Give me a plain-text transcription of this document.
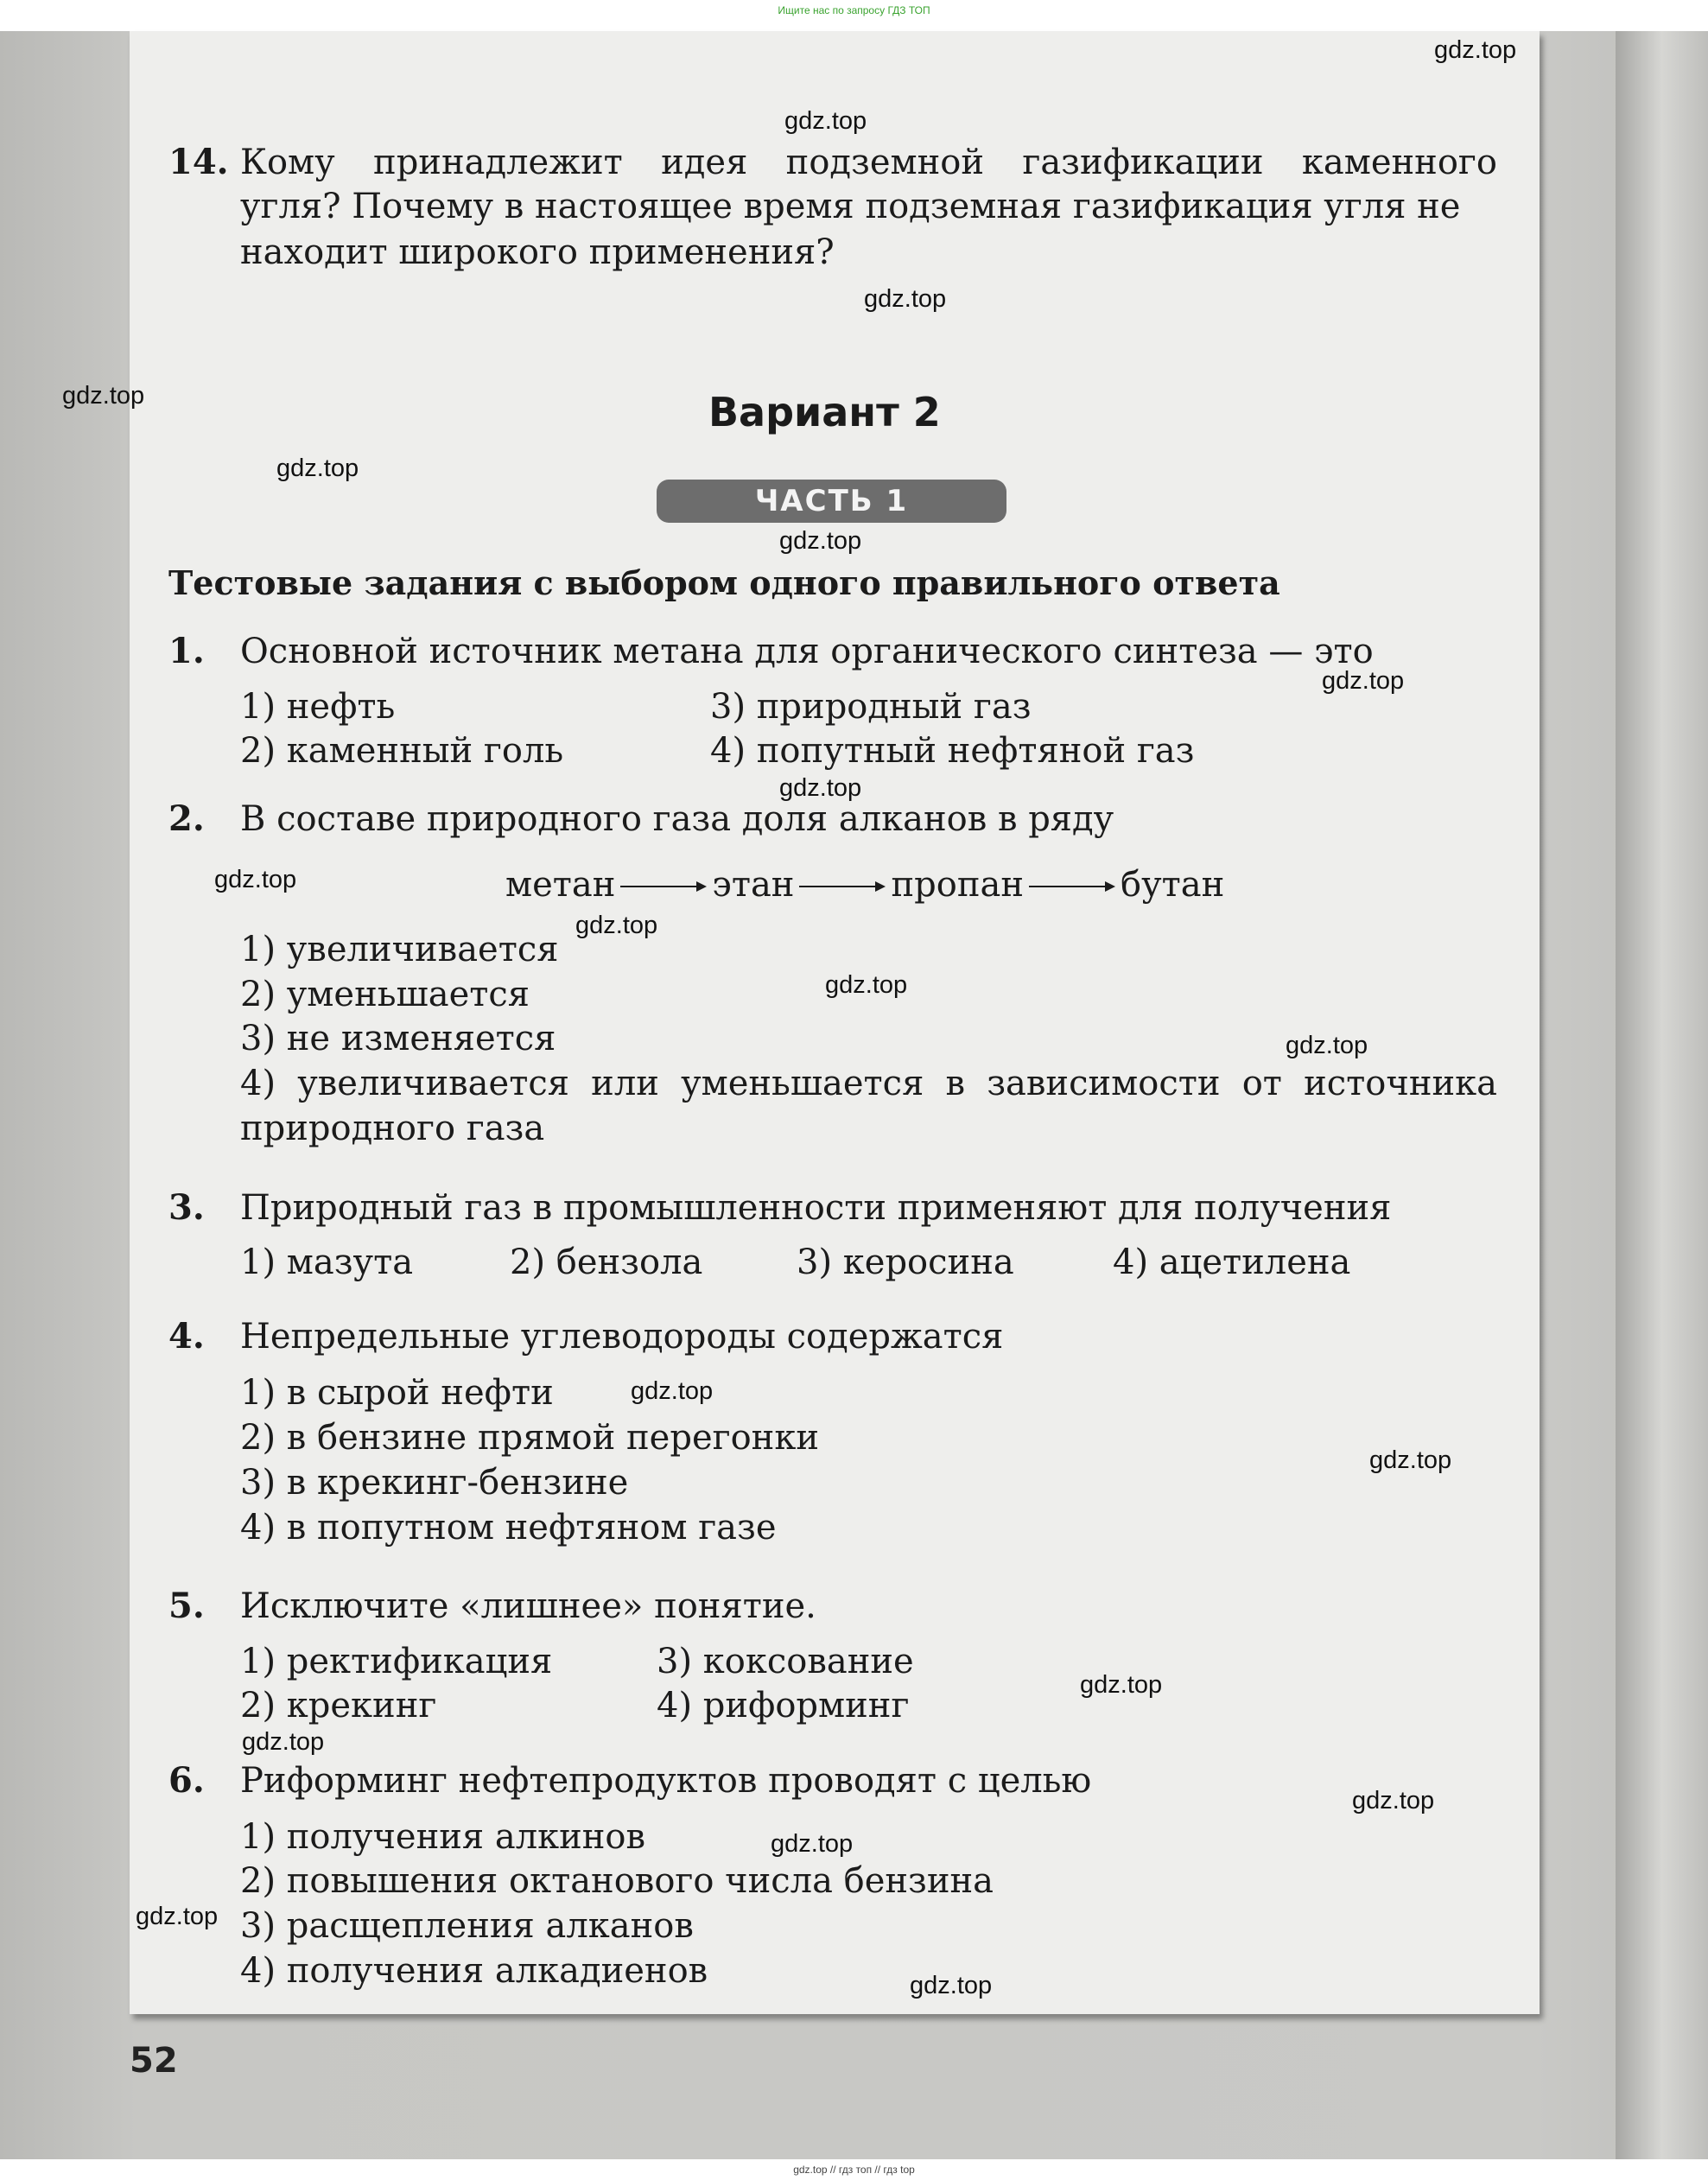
Ищите нас по запросу ГДЗ ТОП
14. Кому принадлежит идея подземной газификации каменного
угля? Почему в настоящее время подземная газификация угля не
находит широкого применения?
Вариант 2
ЧАСТЬ 1
Тестовые задания с выбором одного правильного ответа
1. Основной источник метана для органического синтеза — это
1) нефть	3) природный газ
2) каменный голь	4) попутный нефтяной газ
2. В составе природного газа доля алканов в ряду
метан	этан	пропан	бутан
1) увеличивается
2) уменьшается
3) не изменяется
4) увеличивается или уменьшается в зависимости от источника
природного газа
3. Природный газ в промышленности применяют для получения
1) мазута	2) бензола	3) керосина	4) ацетилена
4. Непредельные углеводороды содержатся
1) в сырой нефти
2) в бензине прямой перегонки
3) в крекинг-бензине
4) в попутном нефтяном газе
5. Исключите «лишнее» понятие.
1) ректификация	3) коксование
2) крекинг	4) риформинг
6. Риформинг нефтепродуктов проводят с целью
1) получения алкинов
2) повышения октанового числа бензина
3) расщепления алканов
4) получения алкадиенов
52
gdz.top
gdz.top
gdz.top
gdz.top
gdz.top
gdz.top
gdz.top
gdz.top
gdz.top
gdz.top
gdz.top
gdz.top
gdz.top
gdz.top
gdz.top
gdz.top
gdz.top
gdz.top
gdz.top
gdz.top
gdz.top // гдз топ // гдз top
